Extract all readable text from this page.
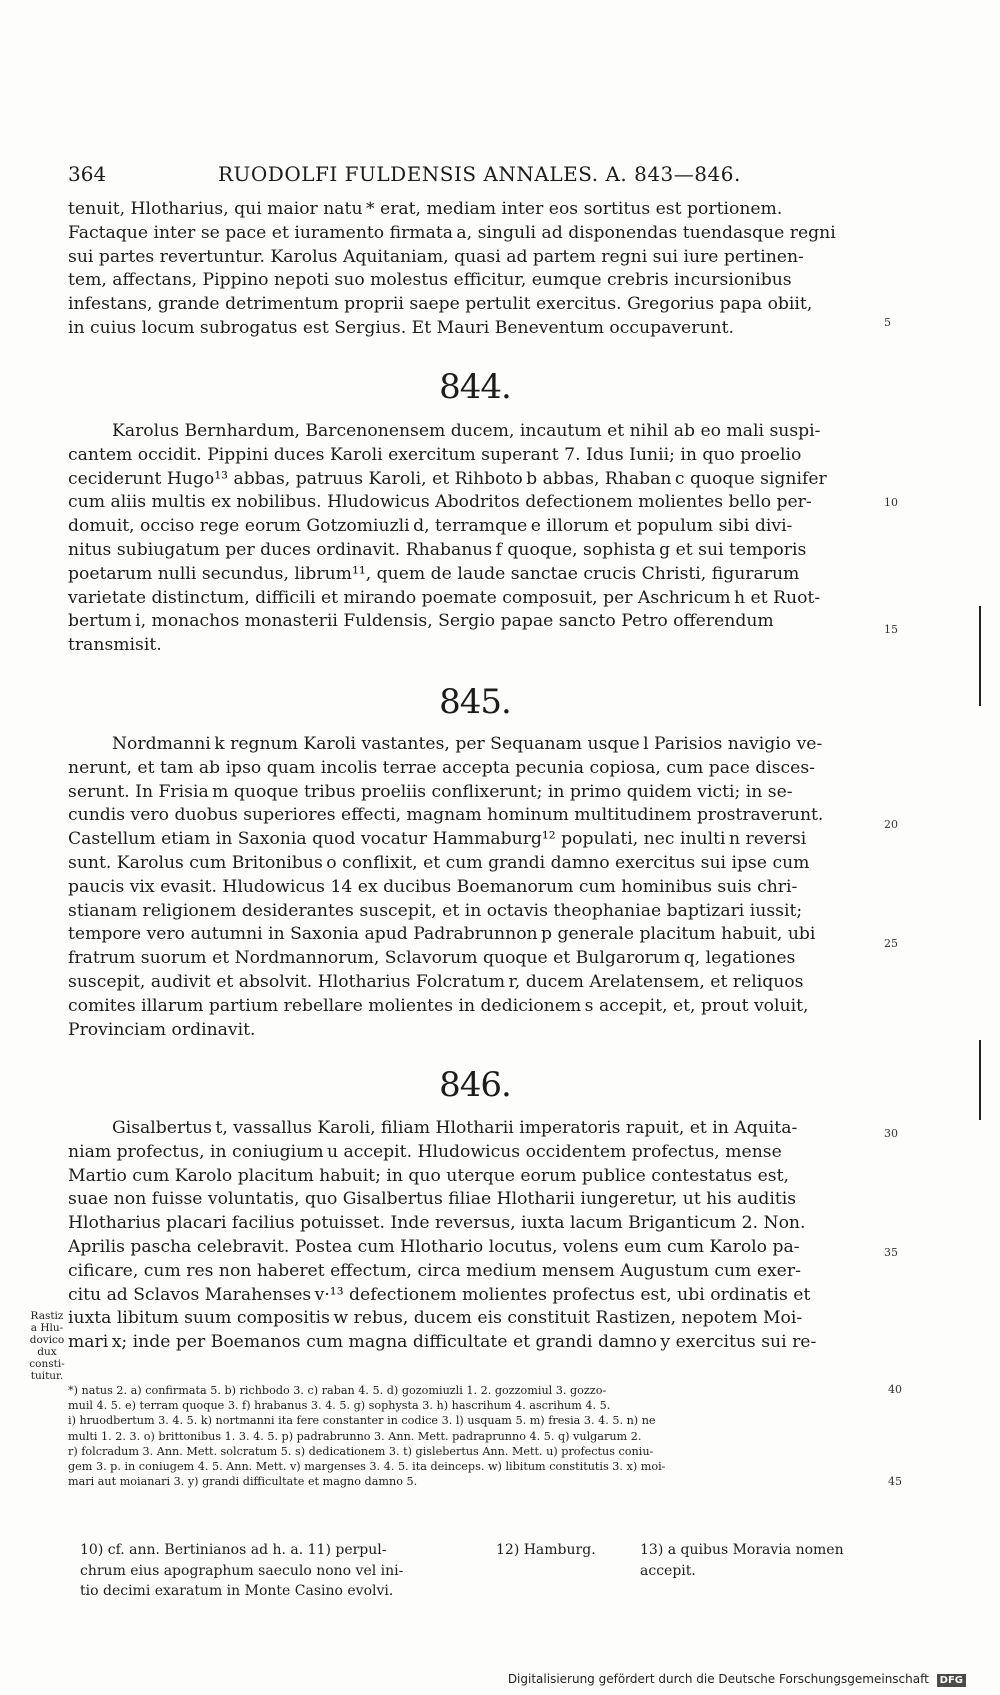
364	RUODOLFI FULDENSIS ANNALES. A. 843—846.
tenuit, Hlotharius, qui maior natu * erat, mediam inter eos sortitus est portionem.
Factaque inter se pace et iuramento firmata a, singuli ad disponendas tuendasque regni
sui partes revertuntur. Karolus Aquitaniam, quasi ad partem regni sui iure pertinen-
tem, affectans, Pippino nepoti suo molestus efficitur, eumque crebris incursionibus
infestans, grande detrimentum proprii saepe pertulit exercitus. Gregorius papa obiit,
in cuius locum subrogatus est Sergius. Et Mauri Beneventum occupaverunt.
844.
Karolus Bernhardum, Barcenonensem ducem, incautum et nihil ab eo mali suspi-
cantem occidit. Pippini duces Karoli exercitum superant 7. Idus Iunii; in quo proelio
ceciderunt Hugo¹³ abbas, patruus Karoli, et Rihboto b abbas, Rhaban c quoque signifer
cum aliis multis ex nobilibus. Hludowicus Abodritos defectionem molientes bello per-
domuit, occiso rege eorum Gotzomiuzli d, terramque e illorum et populum sibi divi-
nitus subiugatum per duces ordinavit. Rhabanus f quoque, sophista g et sui temporis
poetarum nulli secundus, librum¹¹, quem de laude sanctae crucis Christi, figurarum
varietate distinctum, difficili et mirando poemate composuit, per Aschricum h et Ruot-
bertum i, monachos monasterii Fuldensis, Sergio papae sancto Petro offerendum
transmisit.
845.
Nordmanni k regnum Karoli vastantes, per Sequanam usque l Parisios navigio ve-
nerunt, et tam ab ipso quam incolis terrae accepta pecunia copiosa, cum pace disces-
serunt. In Frisia m quoque tribus proeliis conflixerunt; in primo quidem victi; in se-
cundis vero duobus superiores effecti, magnam hominum multitudinem prostraverunt.
Castellum etiam in Saxonia quod vocatur Hammaburg¹² populati, nec inulti n reversi
sunt. Karolus cum Britonibus o conflixit, et cum grandi damno exercitus sui ipse cum
paucis vix evasit. Hludowicus 14 ex ducibus Boemanorum cum hominibus suis chri-
stianam religionem desiderantes suscepit, et in octavis theophaniae baptizari iussit;
tempore vero autumni in Saxonia apud Padrabrunnon p generale placitum habuit, ubi
fratrum suorum et Nordmannorum, Sclavorum quoque et Bulgarorum q, legationes
suscepit, audivit et absolvit. Hlotharius Folcratum r, ducem Arelatensem, et reliquos
comites illarum partium rebellare molientes in dedicionem s accepit, et, prout voluit,
Provinciam ordinavit.
846.
Gisalbertus t, vassallus Karoli, filiam Hlotharii imperatoris rapuit, et in Aquita-
niam profectus, in coniugium u accepit. Hludowicus occidentem profectus, mense
Martio cum Karolo placitum habuit; in quo uterque eorum publice contestatus est,
suae non fuisse voluntatis, quo Gisalbertus filiae Hlotharii iungeretur, ut his auditis
Hlotharius placari facilius potuisset. Inde reversus, iuxta lacum Briganticum 2. Non.
Aprilis pascha celebravit. Postea cum Hlothario locutus, volens eum cum Karolo pa-
cificare, cum res non haberet effectum, circa medium mensem Augustum cum exer-
citu ad Sclavos Marahenses v·¹³ defectionem molientes profectus est, ubi ordinatis et
iuxta libitum suum compositis w rebus, ducem eis constituit Rastizen, nepotem Moi-
mari x; inde per Boemanos cum magna difficultate et grandi damno y exercitus sui re-
5
10
15
20
25
30
35
Rastiz
a Hlu-
dovico
dux
consti-
tuitur.
*) natus 2. a) confirmata 5. b) richbodo 3. c) raban 4. 5. d) gozomiuzli 1. 2. gozzomiul 3. gozzo-
muil 4. 5. e) terram quoque 3. f) hrabanus 3. 4. 5. g) sophysta 3. h) hascrihum 4. ascrihum 4. 5.
i) hruodbertum 3. 4. 5. k) nortmanni ita fere constanter in codice 3. l) usquam 5. m) fresia 3. 4. 5. n) ne
multi 1. 2. 3. o) brittonibus 1. 3. 4. 5. p) padrabrunno 3. Ann. Mett. padraprunno 4. 5. q) vulgarum 2.
r) folcradum 3. Ann. Mett. solcratum 5. s) dedicationem 3. t) gislebertus Ann. Mett. u) profectus coniu-
gem 3. p. in coniugem 4. 5. Ann. Mett. v) margenses 3. 4. 5. ita deinceps. w) libitum constitutis 3. x) moi-
mari aut moianari 3. y) grandi difficultate et magno damno 5.
40
45
10) cf. ann. Bertinianos ad h. a. 11) perpul-
chrum eius apographum saeculo nono vel ini-
tio decimi exaratum in Monte Casino evolvi.
12) Hamburg.	13) a quibus Moravia nomen
accepit.
Digitalisierung gefördert durch die Deutsche Forschungsgemeinschaft DFG
